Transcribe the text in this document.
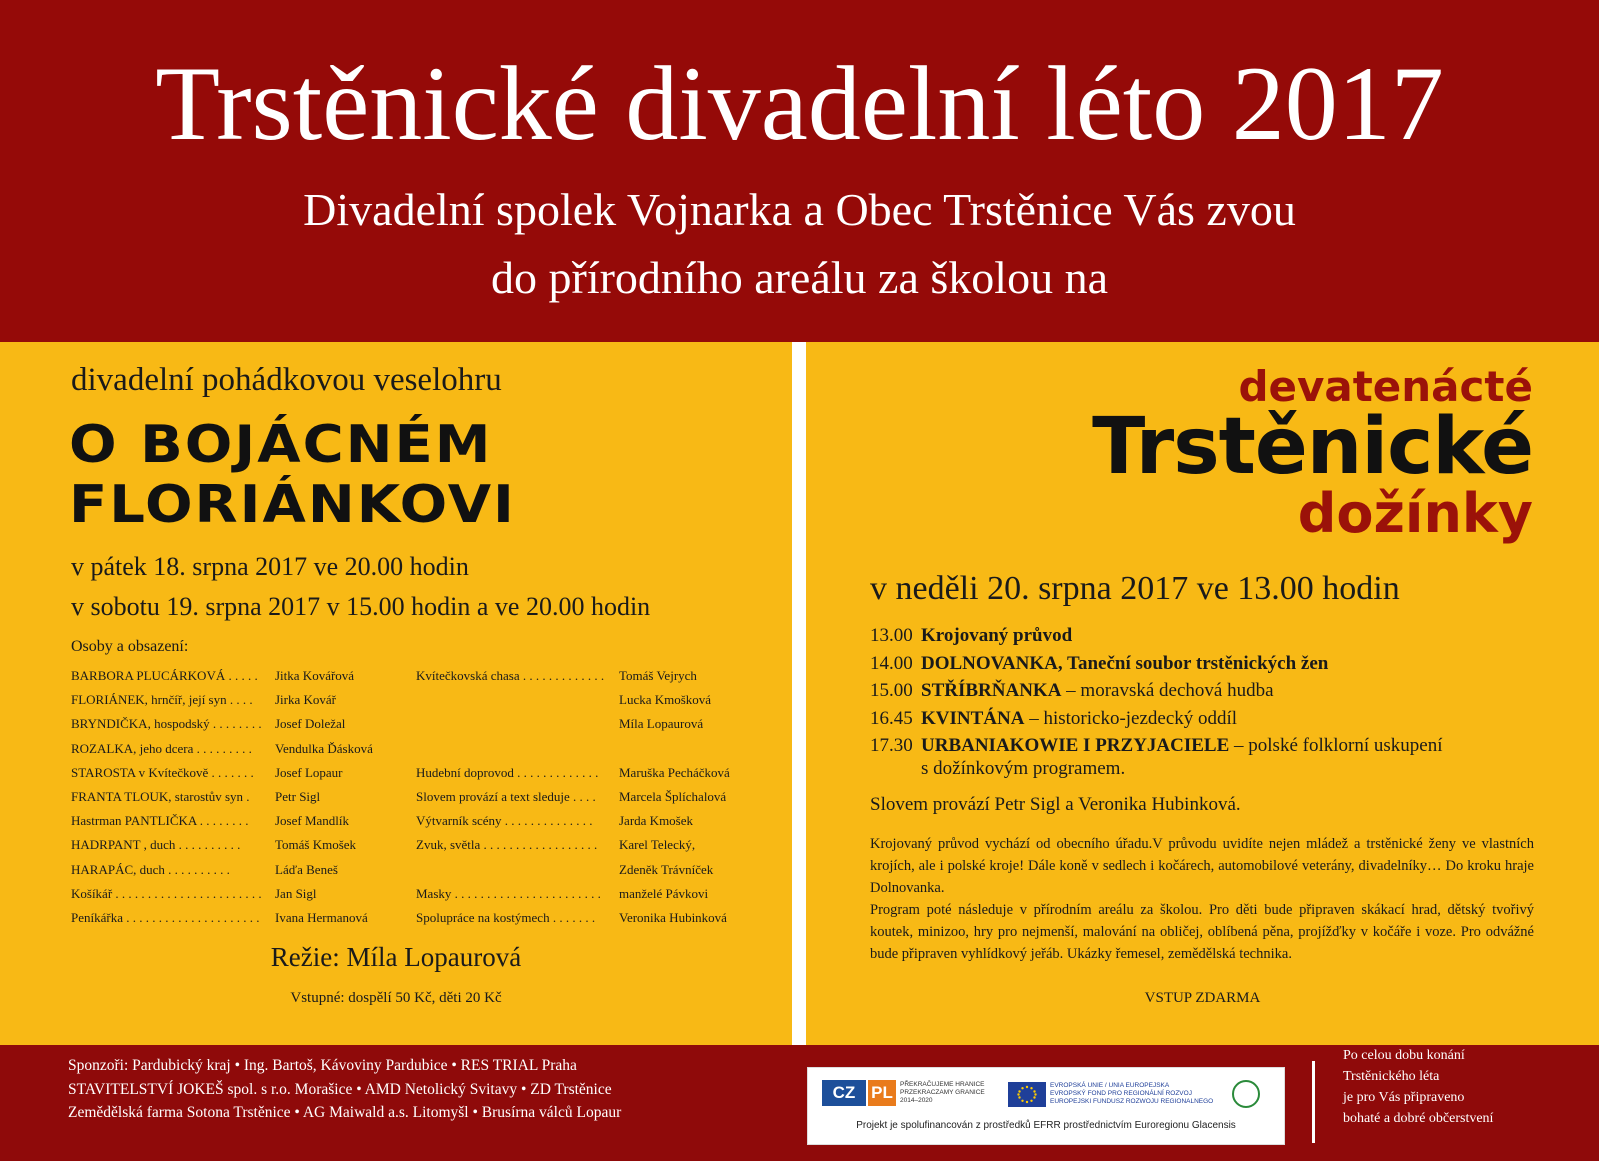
Trstěnické divadelní léto 2017
Divadelní spolek Vojnarka a Obec Trstěnice Vás zvou
do přírodního areálu za školou na
divadelní pohádkovou veselohru
O BOJÁCNÉM
FLORIÁNKOVI
v pátek 18. srpna 2017 ve 20.00 hodin
v sobotu 19. srpna 2017 v 15.00 hodin a ve 20.00 hodin
Osoby a obsazení:
BARBORA PLUCÁRKOVÁ . . . . .	Jitka Kovářová	Kvítečkovská chasa . . . . . . . . . . . . .	Tomáš Vejrych
FLORIÁNEK, hrnčíř, její syn . . . .	Jirka Kovář		Lucka Kmošková
BRYNDIČKA, hospodský . . . . . . . .	Josef Doležal		Míla Lopaurová
ROZALKA, jeho dcera . . . . . . . . .	Vendulka Ďásková		
STAROSTA v Kvítečkově . . . . . . .	Josef Lopaur	Hudební doprovod . . . . . . . . . . . . .	Maruška Pecháčková
FRANTA TLOUK, starostův syn .	Petr Sigl	Slovem provází a text sleduje . . . .	Marcela Šplíchalová
Hastrman PANTLIČKA . . . . . . . .	Josef Mandlík	Výtvarník scény . . . . . . . . . . . . . .	Jarda Kmošek
HADRPANT , duch . . . . . . . . . .	Tomáš Kmošek	Zvuk, světla . . . . . . . . . . . . . . . . . .	Karel Telecký,
HARAPÁC, duch . . . . . . . . . .	Láďa Beneš		Zdeněk Trávníček
Košíkář . . . . . . . . . . . . . . . . . . . . . . .	Jan Sigl	Masky . . . . . . . . . . . . . . . . . . . . . . .	manželé Pávkovi
Peníkářka . . . . . . . . . . . . . . . . . . . . .	Ivana Hermanová	Spolupráce na kostýmech . . . . . . .	Veronika Hubinková
Režie: Míla Lopaurová
Vstupné: dospělí 50 Kč, děti 20 Kč
devatenácté
Trstěnické
dožínky
v neděli 20. srpna 2017 ve 13.00 hodin
13.00	Krojovaný průvod
14.00	DOLNOVANKA, Taneční soubor trstěnických žen
15.00	STŘÍBRŇANKA – moravská dechová hudba
16.45	KVINTÁNA – historicko-jezdecký oddíl
17.30	URBANIAKOWIE I PRZYJACIELE – polské folklorní uskupení
s dožínkovým programem.
Slovem provází Petr Sigl a Veronika Hubinková.
Krojovaný průvod vychází od obecního úřadu.V průvodu uvidíte nejen mládež a trstěnické ženy ve vlastních krojích, ale i polské kroje! Dále koně v sedlech i kočárech, automobilové veterány, divadelníky… Do kroku hraje Dolnovanka.
Program poté následuje v přírodním areálu za školou. Pro děti bude připraven skákací hrad, dětský tvořivý koutek, minizoo, hry pro nejmenší, malování na obličej, oblíbená pěna, projížďky v kočáře i voze. Pro odvážné bude připraven vyhlídkový jeřáb. Ukázky řemesel, zemědělská technika.
VSTUP ZDARMA
Sponzoři: Pardubický kraj • Ing. Bartoš, Kávoviny Pardubice • RES TRIAL Praha
STAVITELSTVÍ JOKEŠ spol. s r.o. Morašice • AMD Netolický Svitavy • ZD Trstěnice
Zemědělská farma Sotona Trstěnice • AG Maiwald a.s. Litomyšl • Brusírna válců Lopaur
Po celou dobu konání
Trstěnického léta
je pro Vás připraveno
bohaté a dobré občerstvení
CZ PL	PŘEKRAČUJEME HRANICE
PRZEKRACZAMY GRANICE
2014–2020
EVROPSKÁ UNIE / UNIA EUROPEJSKA
EVROPSKÝ FOND PRO REGIONÁLNÍ ROZVOJ
EUROPEJSKI FUNDUSZ ROZWOJU REGIONALNEGO
Projekt je spolufinancován z prostředků EFRR prostřednictvím Euroregionu Glacensis
